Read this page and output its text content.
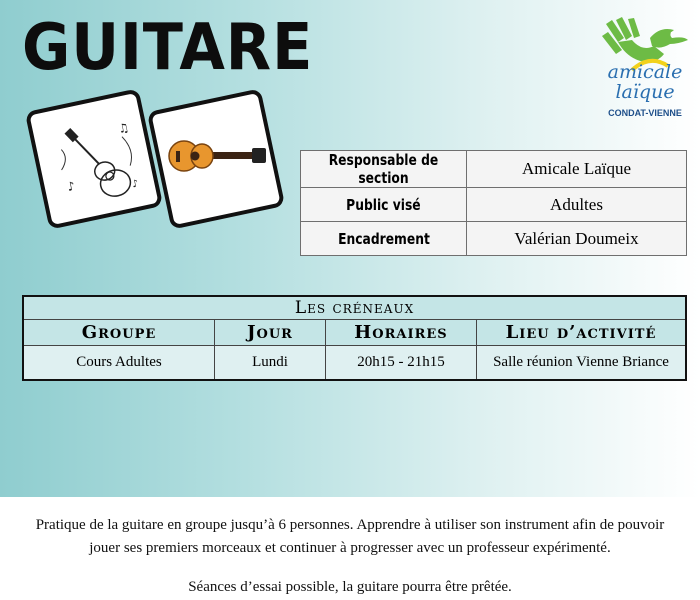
GUITARE	amicale
laïque
CONDAT-VIENNE
♪
♫
♪
Responsable de section	Amicale Laïque
Public visé	Adultes
Encadrement	Valérian Doumeix
Les créneaux			
Groupe	Jour	Horaires	Lieu d’activité
Cours Adultes	Lundi	20h15 - 21h15	Salle réunion Vienne Briance
Pratique de la guitare en groupe jusqu’à 6 personnes. Apprendre à utiliser son instrument afin de pouvoir jouer ses premiers morceaux et continuer à progresser avec un professeur expérimenté.
Séances d’essai possible, la guitare pourra être prêtée.
